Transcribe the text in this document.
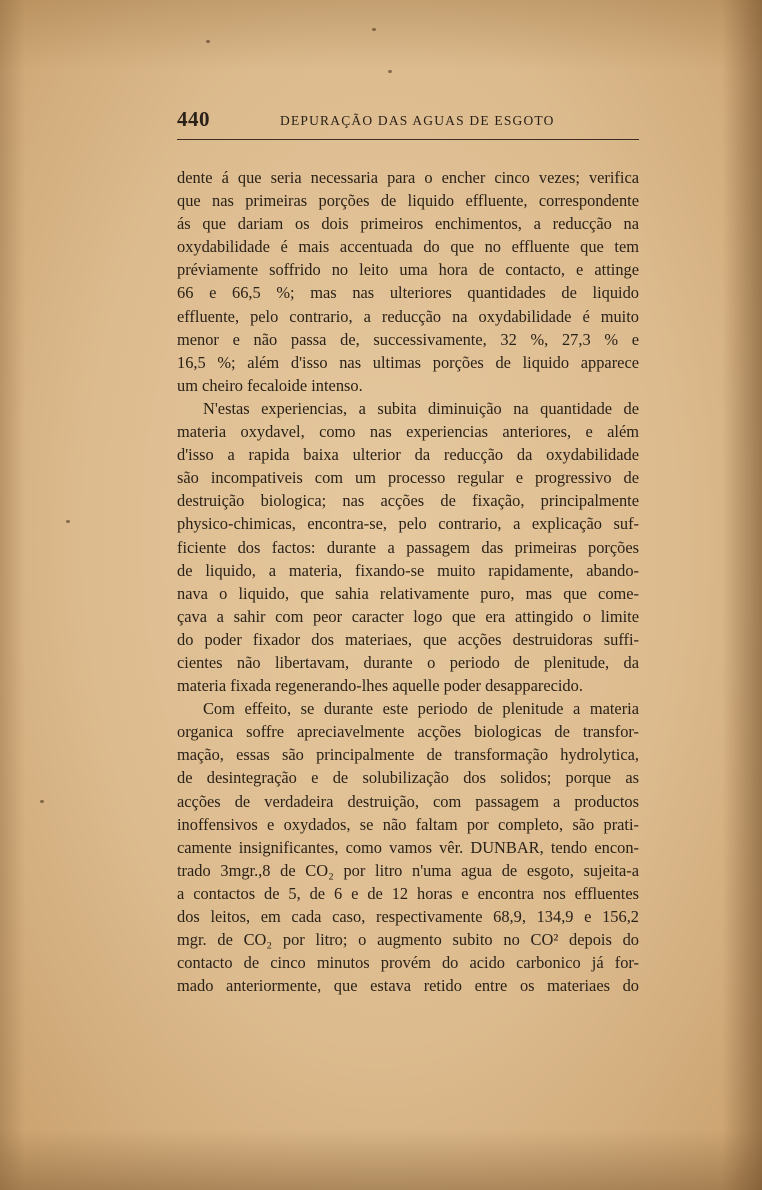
440	DEPURAÇÃO DAS AGUAS DE ESGOTO
dente á que seria necessaria para o encher cinco vezes; verifica
que nas primeiras porções de liquido effluente, correspondente
ás que dariam os dois primeiros enchimentos, a reducção na
oxydabilidade é mais accentuada do que no effluente que tem
préviamente soffrido no leito uma hora de contacto, e attinge
66 e 66,5 %; mas nas ulteriores quantidades de liquido
effluente, pelo contrario, a reducção na oxydabilidade é muito
menor e não passa de, successivamente, 32 %, 27,3 % e
16,5 %; além d'isso nas ultimas porções de liquido apparece
um cheiro fecaloide intenso.
N'estas experiencias, a subita diminuição na quantidade de
materia oxydavel, como nas experiencias anteriores, e além
d'isso a rapida baixa ulterior da reducção da oxydabilidade
são incompativeis com um processo regular e progressivo de
destruição biologica; nas acções de fixação, principalmente
physico-chimicas, encontra-se, pelo contrario, a explicação suf-
ficiente dos factos: durante a passagem das primeiras porções
de liquido, a materia, fixando-se muito rapidamente, abando-
nava o liquido, que sahia relativamente puro, mas que come-
çava a sahir com peor caracter logo que era attingido o limite
do poder fixador dos materiaes, que acções destruidoras suffi-
cientes não libertavam, durante o periodo de plenitude, da
materia fixada regenerando-lhes aquelle poder desapparecido.
Com effeito, se durante este periodo de plenitude a materia
organica soffre apreciavelmente acções biologicas de transfor-
mação, essas são principalmente de transformação hydrolytica,
de desintegração e de solubilização dos solidos; porque as
acções de verdadeira destruição, com passagem a productos
inoffensivos e oxydados, se não faltam por completo, são prati-
camente insignificantes, como vamos vêr. DUNBAR, tendo encon-
trado 3mgr.,8 de CO₂ por litro n'uma agua de esgoto, sujeita-a
a contactos de 5, de 6 e de 12 horas e encontra nos effluentes
dos leitos, em cada caso, respectivamente 68,9, 134,9 e 156,2
mgr. de CO₂ por litro; o augmento subito no CO² depois do
contacto de cinco minutos provém do acido carbonico já for-
mado anteriormente, que estava retido entre os materiaes do
